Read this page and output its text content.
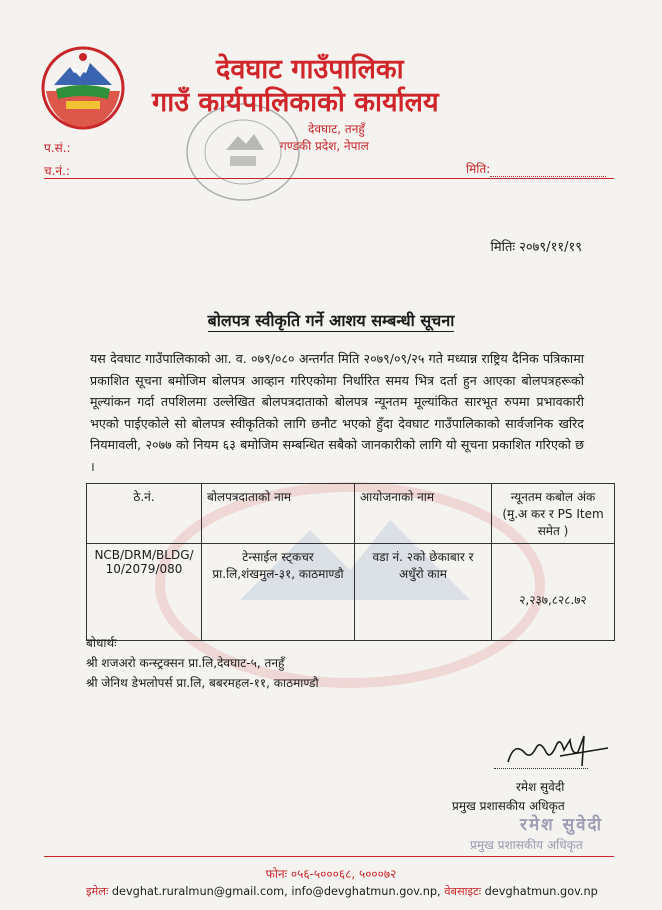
देवघाट गाउँपालिका
गाउँ कार्यपालिकाको कार्यालय
देवघाट, तनहुँ
गण्डकी प्रदेश, नेपाल
प.सं.:
च.नं.:	मिति:
मितिः २०७९/११/१९
बोलपत्र स्वीकृति गर्ने आशय सम्बन्धी सूचना
यस देवघाट गाउँपालिकाको आ. व. ०७९/०८० अन्तर्गत मिति २०७९/०९/२५ गते मध्यान्न राष्ट्रिय दैनिक पत्रिकामा प्रकाशित सूचना बमोजिम बोलपत्र आव्हान गरिएकोमा निर्धारित समय भित्र दर्ता हुन आएका बोलपत्रहरूको मूल्यांकन गर्दा तपशिलमा उल्लेखित बोलपत्रदाताको बोलपत्र न्यूनतम मूल्यांकित सारभूत रुपमा प्रभावकारी भएको पाईएकोले सो बोलपत्र स्वीकृतिको लागि छनौट भएको हुँदा देवघाट गाउँपालिकाको सार्वजनिक खरिद नियमावली, २०७७ को नियम ६३ बमोजिम सम्बन्धित सबैको जानकारीको लागि यो सूचना प्रकाशित गरिएको छ ।
ठे.नं.	बोलपत्रदाताको नाम	आयोजनाको नाम	न्यूनतम कबोल अंक (मु.अ कर र PS Item समेत )
NCB/DRM/BLDG/ 10/2079/080	टेन्साईल स्ट्कचर प्रा.लि,शंखमुल-३१, काठमाण्डौ	वडा नं. २को छेकाबार र अधुँरो काम	२,२३७,८२८.७२
बोधार्थः
श्री शजअरो कन्स्ट्रक्सन प्रा.लि,देवघाट-५, तनहुँ
श्री जेनिथ डेभलोपर्स प्रा.लि, बबरमहल-११, काठमाण्डौ
रमेश सुवेदी
प्रमुख प्रशासकीय अधिकृत
रमेश सुवेदी
प्रमुख प्रशासकीय अधिकृत
फोनः ०५६-५०००६८, ५०००७२
इमेलः devghat.ruralmun@gmail.com, info@devghatmun.gov.np, वेबसाइटः devghatmun.gov.np
